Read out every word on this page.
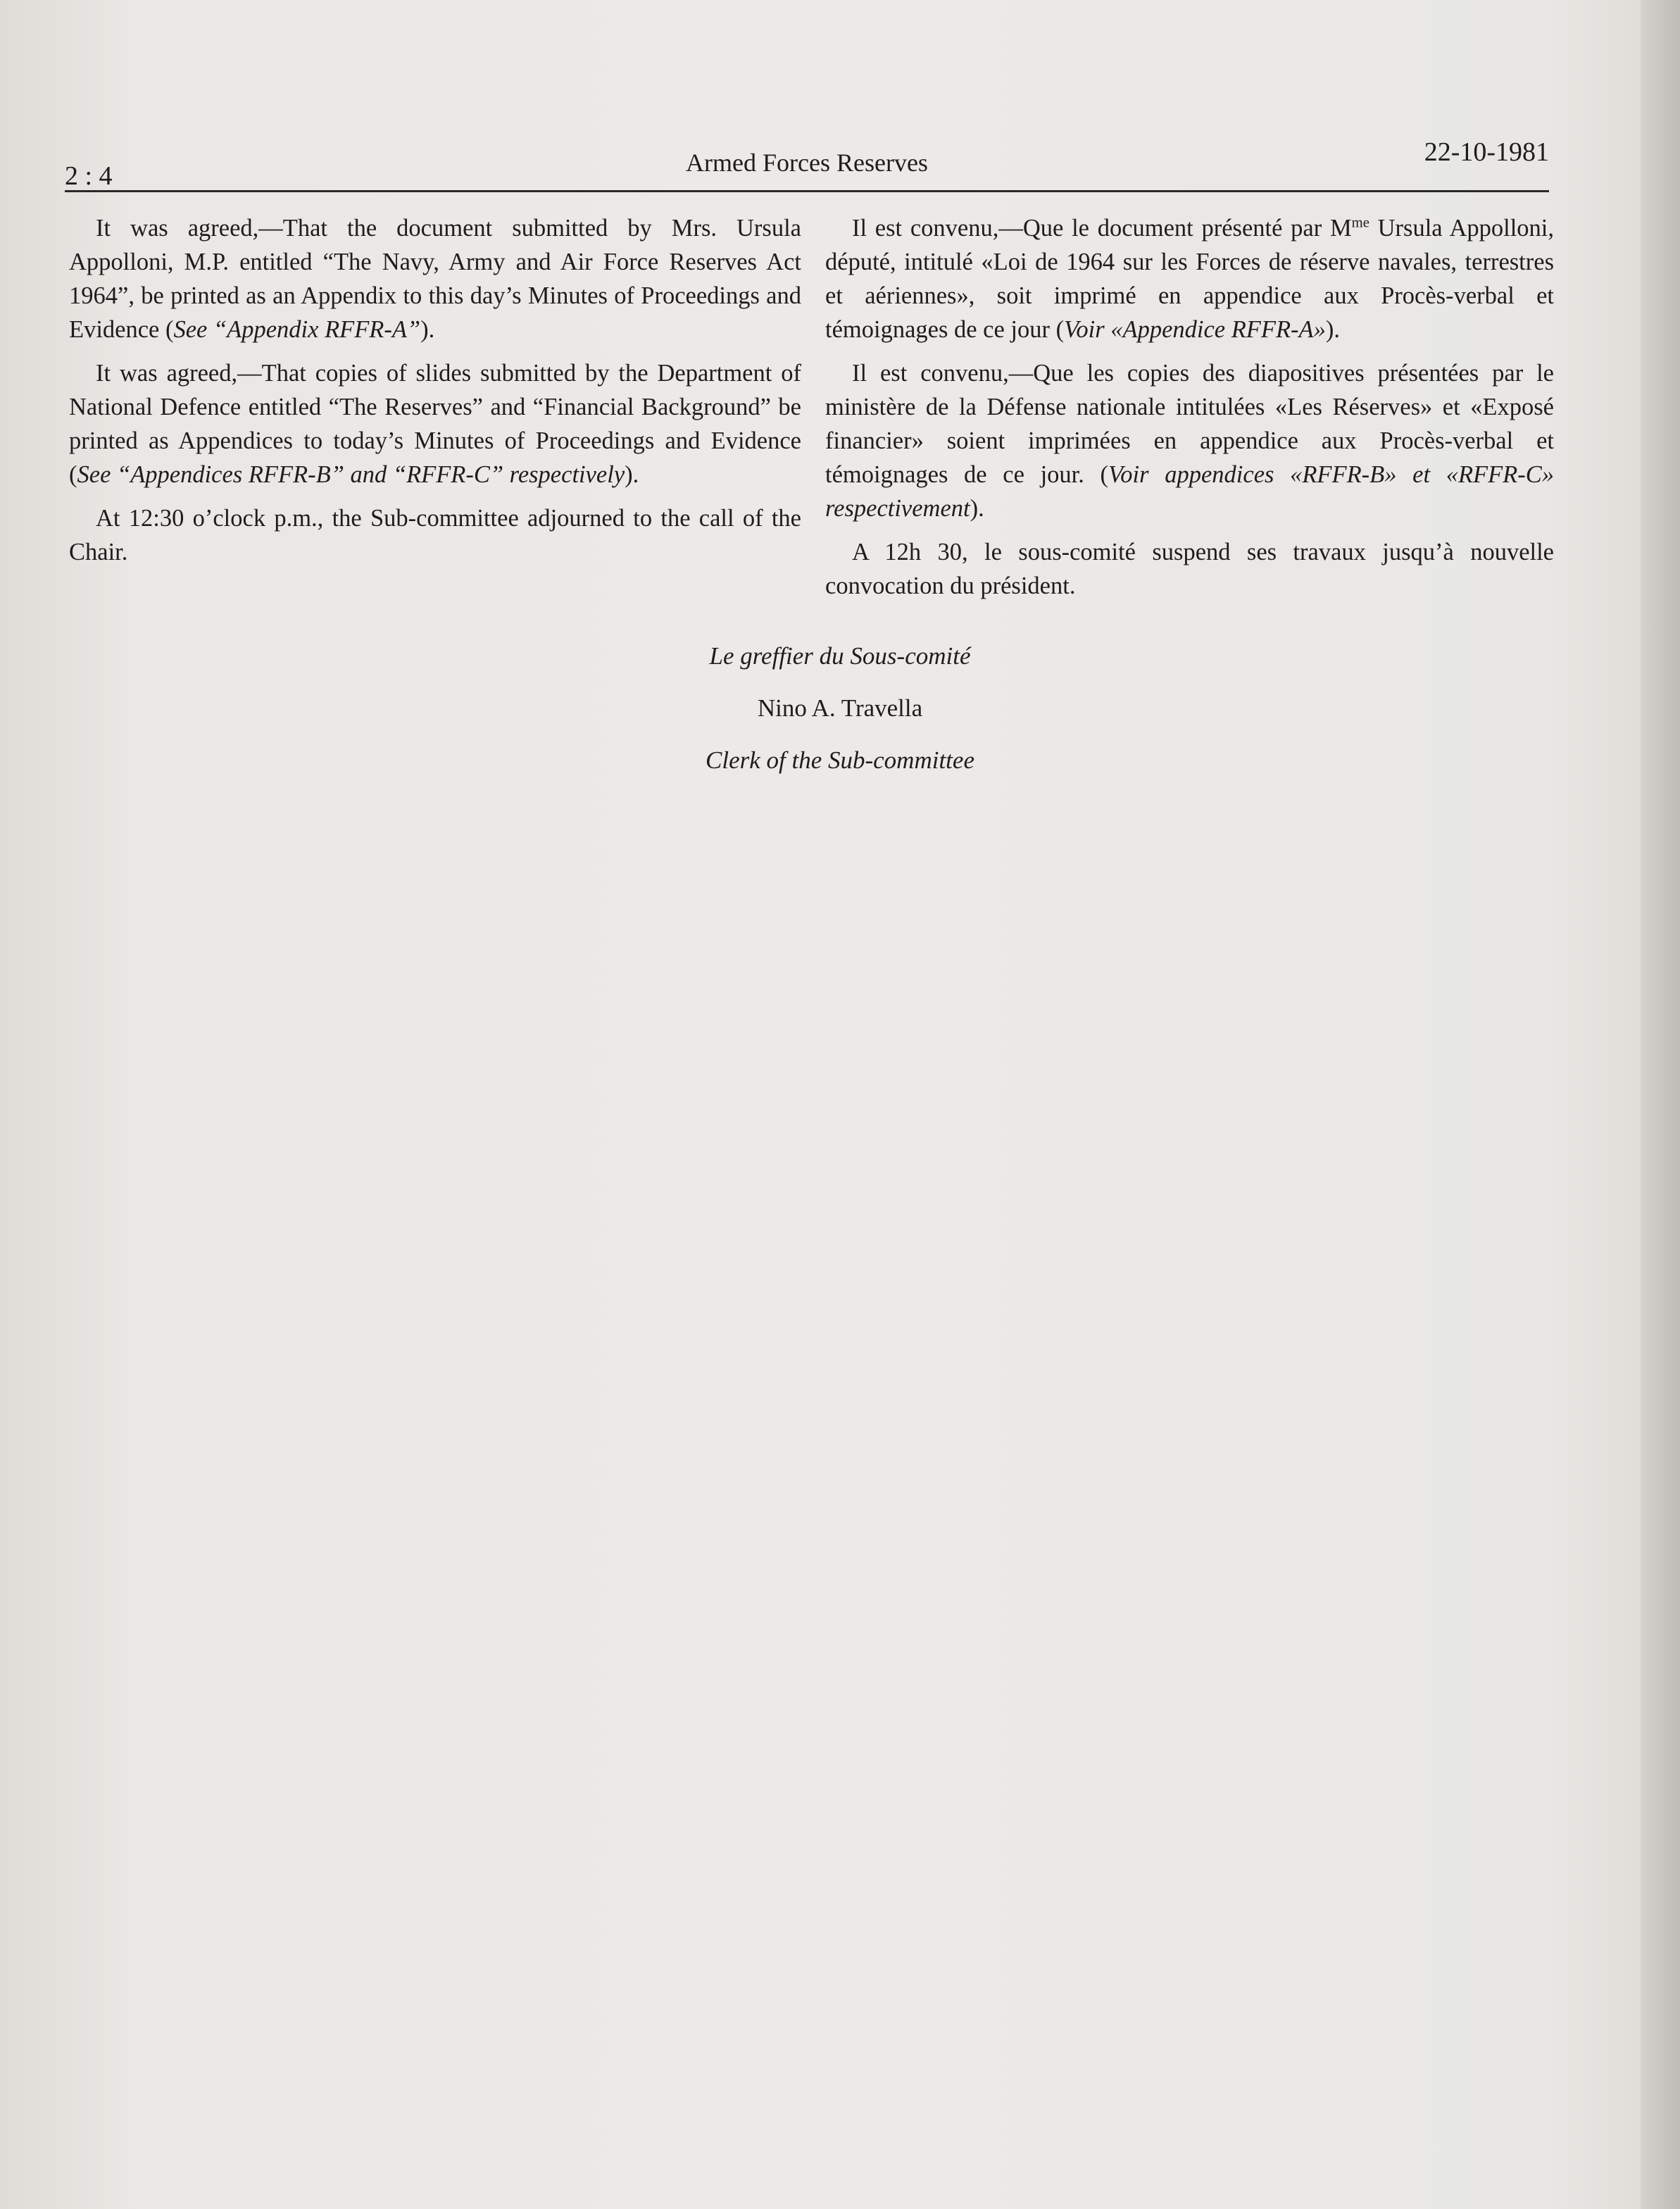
2 : 4	Armed Forces Reserves	22-10-1981

It was agreed,—That the document submitted by Mrs. Ursula Appolloni, M.P. entitled “The Navy, Army and Air Force Reserves Act 1964”, be printed as an Appendix to this day’s Minutes of Proceedings and Evidence (See “Appendix RFFR-A”).

It was agreed,—That copies of slides submitted by the Department of National Defence entitled “The Reserves” and “Financial Background” be printed as Appendices to today’s Minutes of Proceedings and Evidence (See “Appendices RFFR-B” and “RFFR-C” respectively).

At 12:30 o’clock p.m., the Sub-committee adjourned to the call of the Chair.

Il est convenu,—Que le document présenté par $M^{me}$ Ursula Appolloni, député, intitulé «Loi de 1964 sur les Forces de réserve navales, terrestres et aériennes», soit imprimé en appendice aux Procès-verbal et témoignages de ce jour (Voir «Appendice RFFR-A»).

Il est convenu,—Que les copies des diapositives présentées par le ministère de la Défense nationale intitulées «Les Réserves» et «Exposé financier» soient imprimées en appendice aux Procès-verbal et témoignages de ce jour. (Voir appendices «RFFR-B» et «RFFR-C» respectivement).

A 12h 30, le sous-comité suspend ses travaux jusqu’à nouvelle convocation du président.

Le greffier du Sous-comité
Nino A. Travella
Clerk of the Sub-committee
